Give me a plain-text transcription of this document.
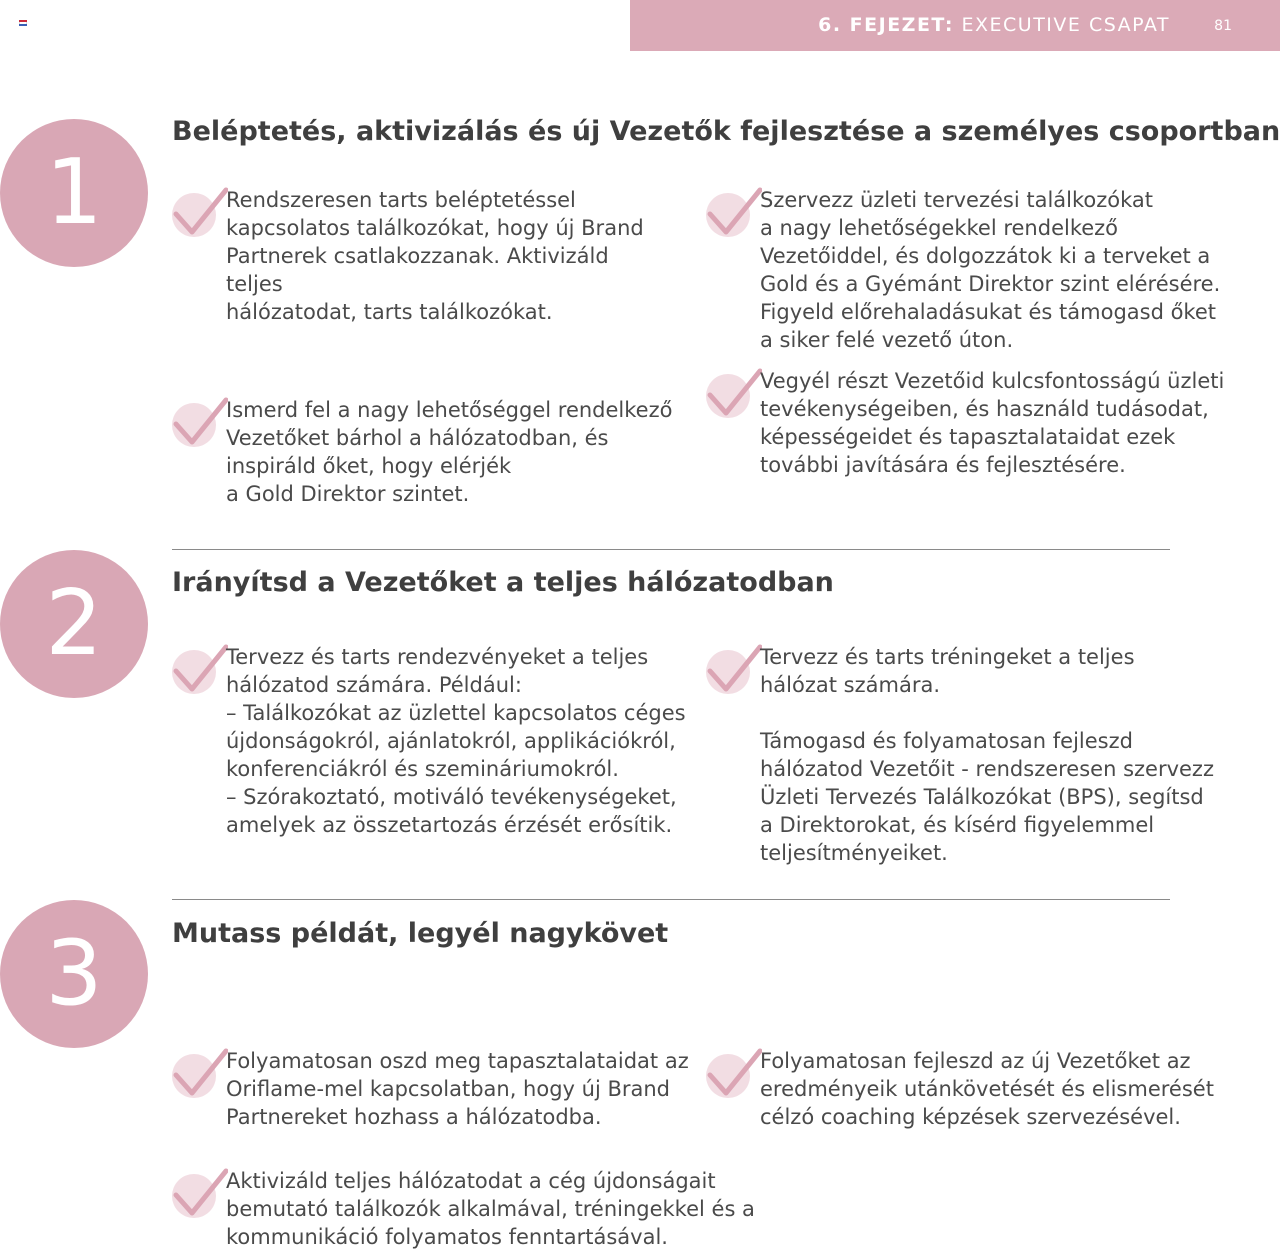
6. FEJEZET: EXECUTIVE CSAPAT	81
1
Beléptetés, aktivizálás és új Vezetők fejlesztése a személyes csoportban
Rendszeresen tarts beléptetéssel
kapcsolatos találkozókat, hogy új Brand
Partnerek csatlakozzanak. Aktivizáld teljes
hálózatodat, tarts találkozókat.
Szervezz üzleti tervezési találkozókat
a nagy lehetőségekkel rendelkező
Vezetőiddel, és dolgozzátok ki a terveket a
Gold és a Gyémánt Direktor szint elérésére.
Figyeld előrehaladásukat és támogasd őket
a siker felé vezető úton.
Ismerd fel a nagy lehetőséggel rendelkező
Vezetőket bárhol a hálózatodban, és
inspiráld őket, hogy elérjék
a Gold Direktor szintet.
Vegyél részt Vezetőid kulcsfontosságú üzleti
tevékenységeiben, és használd tudásodat,
képességeidet és tapasztalataidat ezek
további javítására és fejlesztésére.
2	Irányítsd a Vezetőket a teljes hálózatodban
Tervezz és tarts rendezvényeket a teljes
hálózatod számára. Például:
– Találkozókat az üzlettel kapcsolatos céges
újdonságokról, ajánlatokról, applikációkról,
konferenciákról és szemináriumokról.
– Szórakoztató, motiváló tevékenységeket,
amelyek az összetartozás érzését erősítik.
Tervezz és tarts tréningeket a teljes
hálózat számára.

Támogasd és folyamatosan fejleszd
hálózatod Vezetőit - rendszeresen szervezz
Üzleti Tervezés Találkozókat (BPS), segítsd
a Direktorokat, és kísérd figyelemmel
teljesítményeiket.
3	Mutass példát, legyél nagykövet
Folyamatosan oszd meg tapasztalataidat az
Oriflame-mel kapcsolatban, hogy új Brand
Partnereket hozhass a hálózatodba.
Folyamatosan fejleszd az új Vezetőket az
eredményeik utánkövetését és elismerését
célzó coaching képzések szervezésével.
Aktivizáld teljes hálózatodat a cég újdonságait
bemutató találkozók alkalmával, tréningekkel és a
kommunikáció folyamatos fenntartásával.
